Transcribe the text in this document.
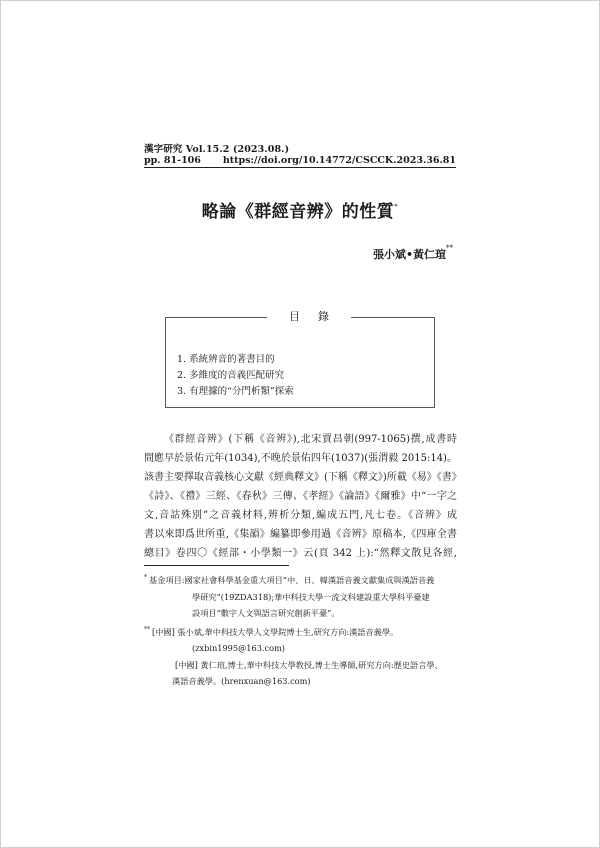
漢字研究 Vol.15.2 (2023.08.)
pp. 81-106 https://doi.org/10.14772/CSCCK.2023.36.81
略論《群經音辨》的性質*
張小斌•黃仁瑄**
目錄
1. 系統辨音的著書目的
2. 多維度的音義匹配研究
3. 有理據的“分門析類”探索
《群經音辨》(下稱《音辨》),北宋賈昌朝(997-1065)撰,成書時
間應早於景佑元年(1034),不晚於景佑四年(1037)(張渭毅 2015:14)。
該書主要擇取音義核心文獻《經典釋文》(下稱《釋文》)所載《易》《書》
《詩》、《禮》三經、《春秋》三傳、《孝經》《論語》《爾雅》中“一字之
文,音詁殊別”之音義材料,辨析分類,編成五門,凡七卷。《音辨》成
書以來即爲世所重,《集韻》編纂即參用過《音辨》原稿本,《四庫全書
總目》卷四〇《經部・小學類一》云(頁 342 上):“然釋文散見各經,
* 基金項目:國家社會科學基金重大項目“中、日、韓漢語音義文獻集成與漢語音義
學研究”(19ZDA318);華中科技大學一流文科建設重大學科平臺建
設項目“數字人文與語言研究創新平臺”。
** [中國] 張小斌,華中科技大學人文學院博士生,研究方向:漢語音義學。
(zxbin1995@163.com)
[中國] 黃仁瑄,博士,華中科技大學教授,博士生導師,研究方向:歷史語言學、
漢語音義學。(hrenxuan@163.com)
